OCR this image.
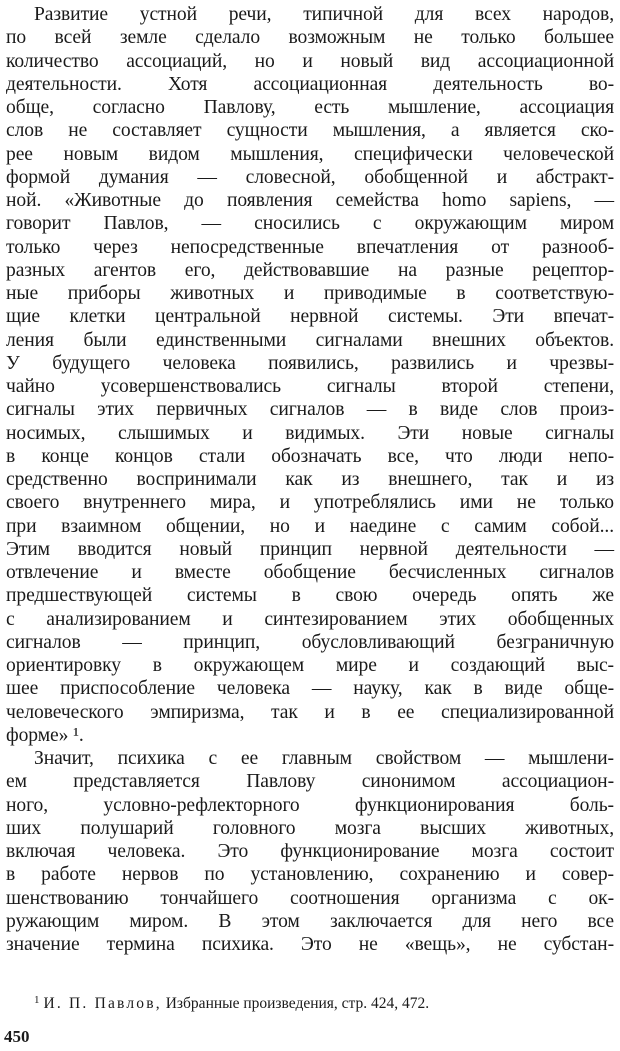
Развитие устной речи, типичной для всех народов,
по всей земле сделало возможным не только большее
количество ассоциаций, но и новый вид ассоциационной
деятельности. Хотя ассоциационная деятельность во-
обще, согласно Павлову, есть мышление, ассоциация
слов не составляет сущности мышления, а является ско-
рее новым видом мышления, специфически человеческой
формой думания — словесной, обобщенной и абстракт-
ной. «Животные до появления семейства homo sapiens, —
говорит Павлов, — сносились с окружающим миром
только через непосредственные впечатления от разнооб-
разных агентов его, действовавшие на разные рецептор-
ные приборы животных и приводимые в соответствую-
щие клетки центральной нервной системы. Эти впечат-
ления были единственными сигналами внешних объектов.
У будущего человека появились, развились и чрезвы-
чайно усовершенствовались сигналы второй степени,
сигналы этих первичных сигналов — в виде слов произ-
носимых, слышимых и видимых. Эти новые сигналы
в конце концов стали обозначать все, что люди непо-
средственно воспринимали как из внешнего, так и из
своего внутреннего мира, и употреблялись ими не только
при взаимном общении, но и наедине с самим собой...
Этим вводится новый принцип нервной деятельности —
отвлечение и вместе обобщение бесчисленных сигналов
предшествующей системы в свою очередь опять же
с анализированием и синтезированием этих обобщенных
сигналов — принцип, обусловливающий безграничную
ориентировку в окружающем мире и создающий выс-
шее приспособление человека — науку, как в виде обще-
человеческого эмпиризма, так и в ее специализированной
форме» ¹.
Значит, психика с ее главным свойством — мышлени-
ем представляется Павлову синонимом ассоциацион-
ного, условно-рефлекторного функционирования боль-
ших полушарий головного мозга высших животных,
включая человека. Это функционирование мозга состоит
в работе нервов по установлению, сохранению и совер-
шенствованию тончайшего соотношения организма с ок-
ружающим миром. В этом заключается для него все
значение термина психика. Это не «вещь», не субстан-
$^1$ И. П. Павлов, Избранные произведения, стр. 424, 472.
450
